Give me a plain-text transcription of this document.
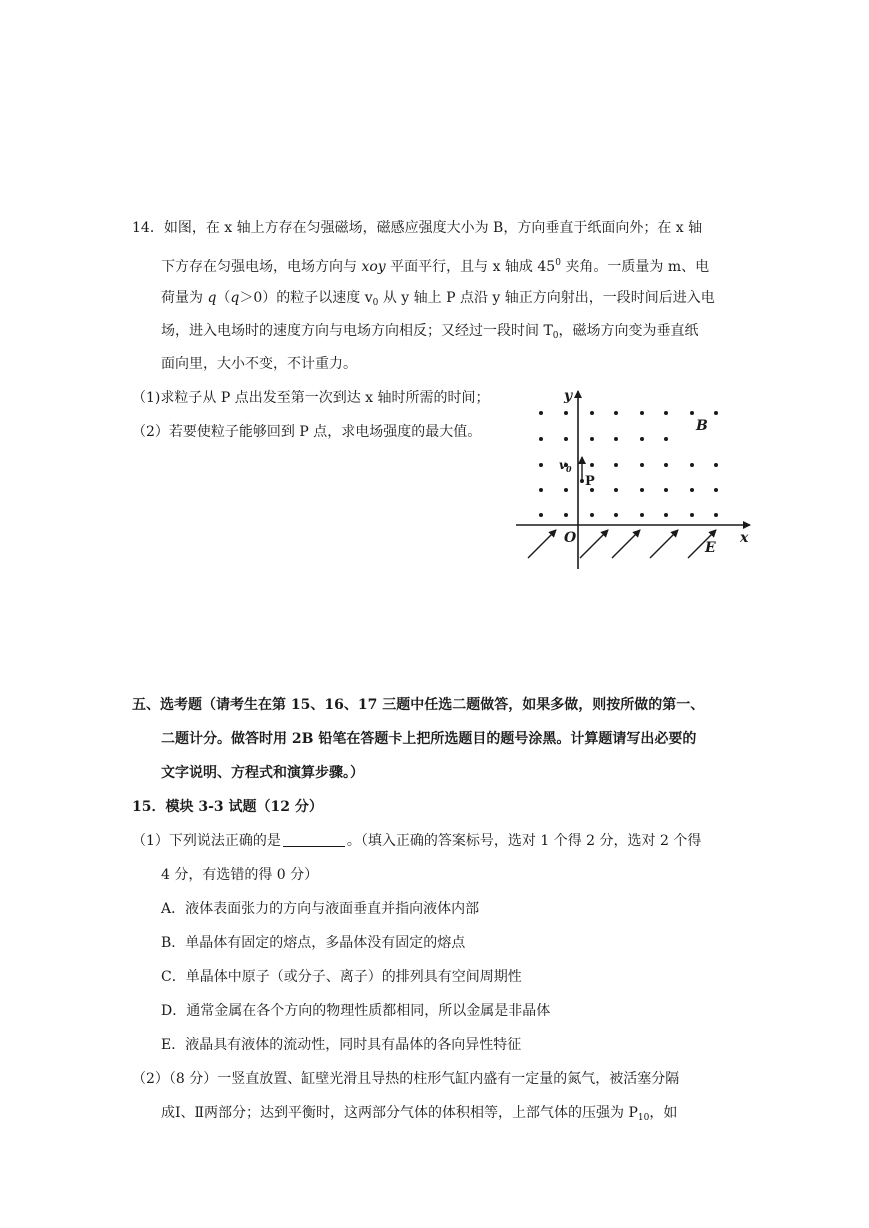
14．如图，在 x 轴上方存在匀强磁场，磁感应强度大小为 B，方向垂直于纸面向外；在 x 轴
下方存在匀强电场，电场方向与 xoy 平面平行，且与 x 轴成 $45^0$ 夹角。一质量为 m、电
荷量为 q（q＞0）的粒子以速度 $v_0$ 从 y 轴上 P 点沿 y 轴正方向射出，一段时间后进入电
场，进入电场时的速度方向与电场方向相反；又经过一段时间 $T_0$，磁场方向变为垂直纸
面向里，大小不变，不计重力。
（1)求粒子从 P 点出发至第一次到达 x 轴时所需的时间；
（2）若要使粒子能够回到 P 点，求电场强度的最大值。
y
x
O
B
E
$v_0$
P
五、选考题（请考生在第 15、16、17 三题中任选二题做答，如果多做，则按所做的第一、
二题计分。做答时用 2B 铅笔在答题卡上把所选题目的题号涂黑。计算题请写出必要的
文字说明、方程式和演算步骤。）
15．模块 3-3 试题（12 分）
（1）下列说法正确的是	。（填入正确的答案标号，选对 1 个得 2 分，选对 2 个得
4 分，有选错的得 0 分）
A．液体表面张力的方向与液面垂直并指向液体内部
B．单晶体有固定的熔点，多晶体没有固定的熔点
C．单晶体中原子（或分子、离子）的排列具有空间周期性
D．通常金属在各个方向的物理性质都相同，所以金属是非晶体
E．液晶具有液体的流动性，同时具有晶体的各向异性特征
（2）（8 分）一竖直放置、缸壁光滑且导热的柱形气缸内盛有一定量的氮气，被活塞分隔
成Ⅰ、Ⅱ两部分；达到平衡时，这两部分气体的体积相等，上部气体的压强为 $P_{10}$，如
